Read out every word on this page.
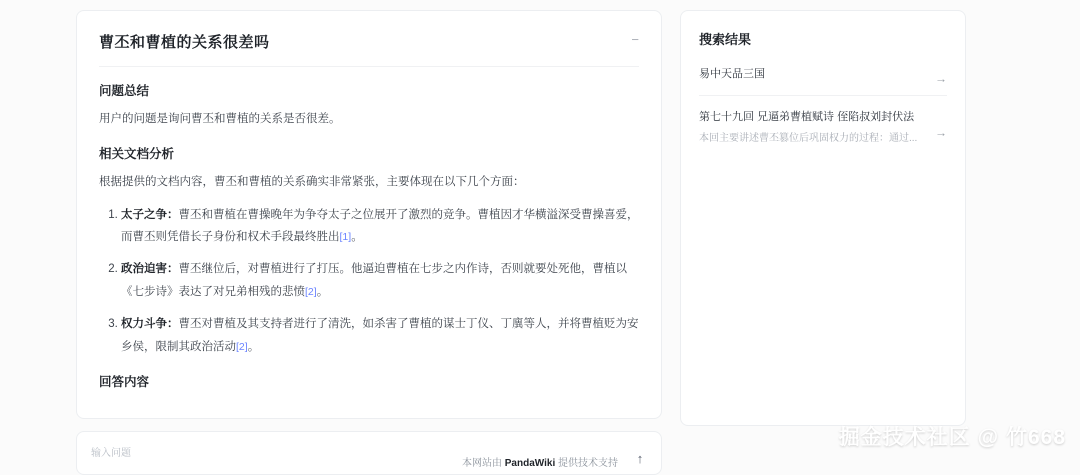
曹丕和曹植的关系很差吗	−
问题总结

用户的问题是询问曹丕和曹植的关系是否很差。

相关文档分析

根据提供的文档内容，曹丕和曹植的关系确实非常紧张，主要体现在以下几个方面：

1. 太子之争：曹丕和曹植在曹操晚年为争夺太子之位展开了激烈的竞争。曹植因才华横溢深受曹操喜爱，而曹丕则凭借长子身份和权术手段最终胜出[1]。
2. 政治迫害：曹丕继位后，对曹植进行了打压。他逼迫曹植在七步之内作诗，否则就要处死他，曹植以《七步诗》表达了对兄弟相残的悲愤[2]。
3. 权力斗争：曹丕对曹植及其支持者进行了清洗，如杀害了曹植的谋士丁仪、丁廙等人，并将曹植贬为安乡侯，限制其政治活动[2]。
回答内容
输入问题	↑
搜索结果

易中天品三国	→

第七十九回 兄逼弟曹植赋诗 侄陷叔刘封伏法

本回主要讲述曹丕篡位后巩固权力的过程：通过...	→
本网站由 PandaWiki 提供技术支持
掘金技术社区 @ 竹668
